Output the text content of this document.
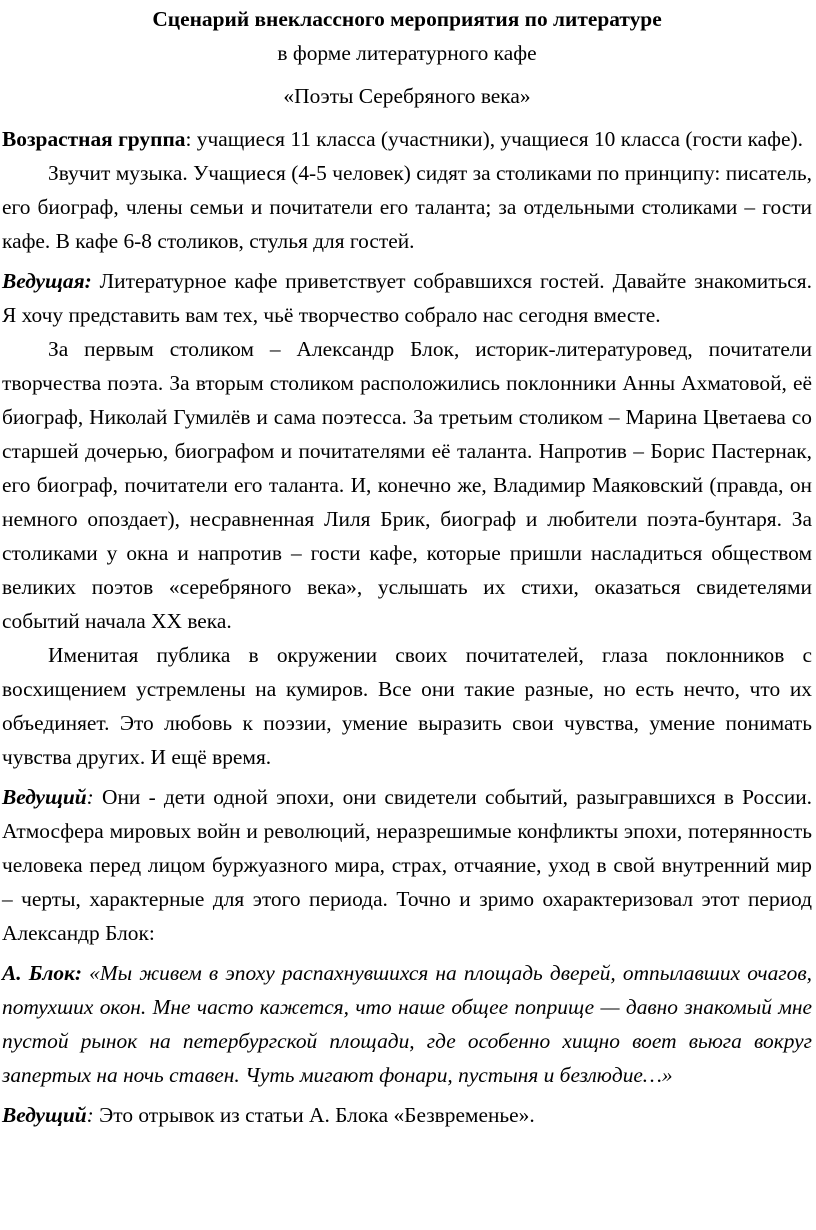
Сценарий внеклассного мероприятия по литературе
в форме литературного кафе
«Поэты Серебряного века»

Возрастная группа: учащиеся 11 класса (участники), учащиеся 10 класса (гости кафе).

Звучит музыка. Учащиеся (4-5 человек) сидят за столиками по принципу: писатель, его биограф, члены семьи и почитатели его таланта; за отдельными столиками – гости кафе. В кафе 6-8 столиков, стулья для гостей.

Ведущая: Литературное кафе приветствует собравшихся гостей. Давайте знакомиться. Я хочу представить вам тех, чьё творчество собрало нас сегодня вместе.

За первым столиком – Александр Блок, историк-литературовед, почитатели творчества поэта. За вторым столиком расположились поклонники Анны Ахматовой, её биограф, Николай Гумилёв и сама поэтесса. За третьим столиком – Марина Цветаева со старшей дочерью, биографом и почитателями её таланта. Напротив – Борис Пастернак, его биограф, почитатели его таланта. И, конечно же, Владимир Маяковский (правда, он немного опоздает), несравненная Лиля Брик, биограф и любители поэта-бунтаря. За столиками у окна и напротив – гости кафе, которые пришли насладиться обществом великих поэтов «серебряного века», услышать их стихи, оказаться свидетелями событий начала XX века.

Именитая публика в окружении своих почитателей, глаза поклонников с восхищением устремлены на кумиров. Все они такие разные, но есть нечто, что их объединяет. Это любовь к поэзии, умение выразить свои чувства, умение понимать чувства других. И ещё время.

Ведущий: Они - дети одной эпохи, они свидетели событий, разыгравшихся в России. Атмосфера мировых войн и революций, неразрешимые конфликты эпохи, потерянность человека перед лицом буржуазного мира, страх, отчаяние, уход в свой внутренний мир – черты, характерные для этого периода. Точно и зримо охарактеризовал этот период Александр Блок:

А. Блок: «Мы живем в эпоху распахнувшихся на площадь дверей, отпылавших очагов, потухших окон. Мне часто кажется, что наше общее поприще — давно знакомый мне пустой рынок на петербургской площади, где особенно хищно воет вьюга вокруг запертых на ночь ставен. Чуть мигают фонари, пустыня и безлюдие…»

Ведущий: Это отрывок из статьи А. Блока «Безвременье».
